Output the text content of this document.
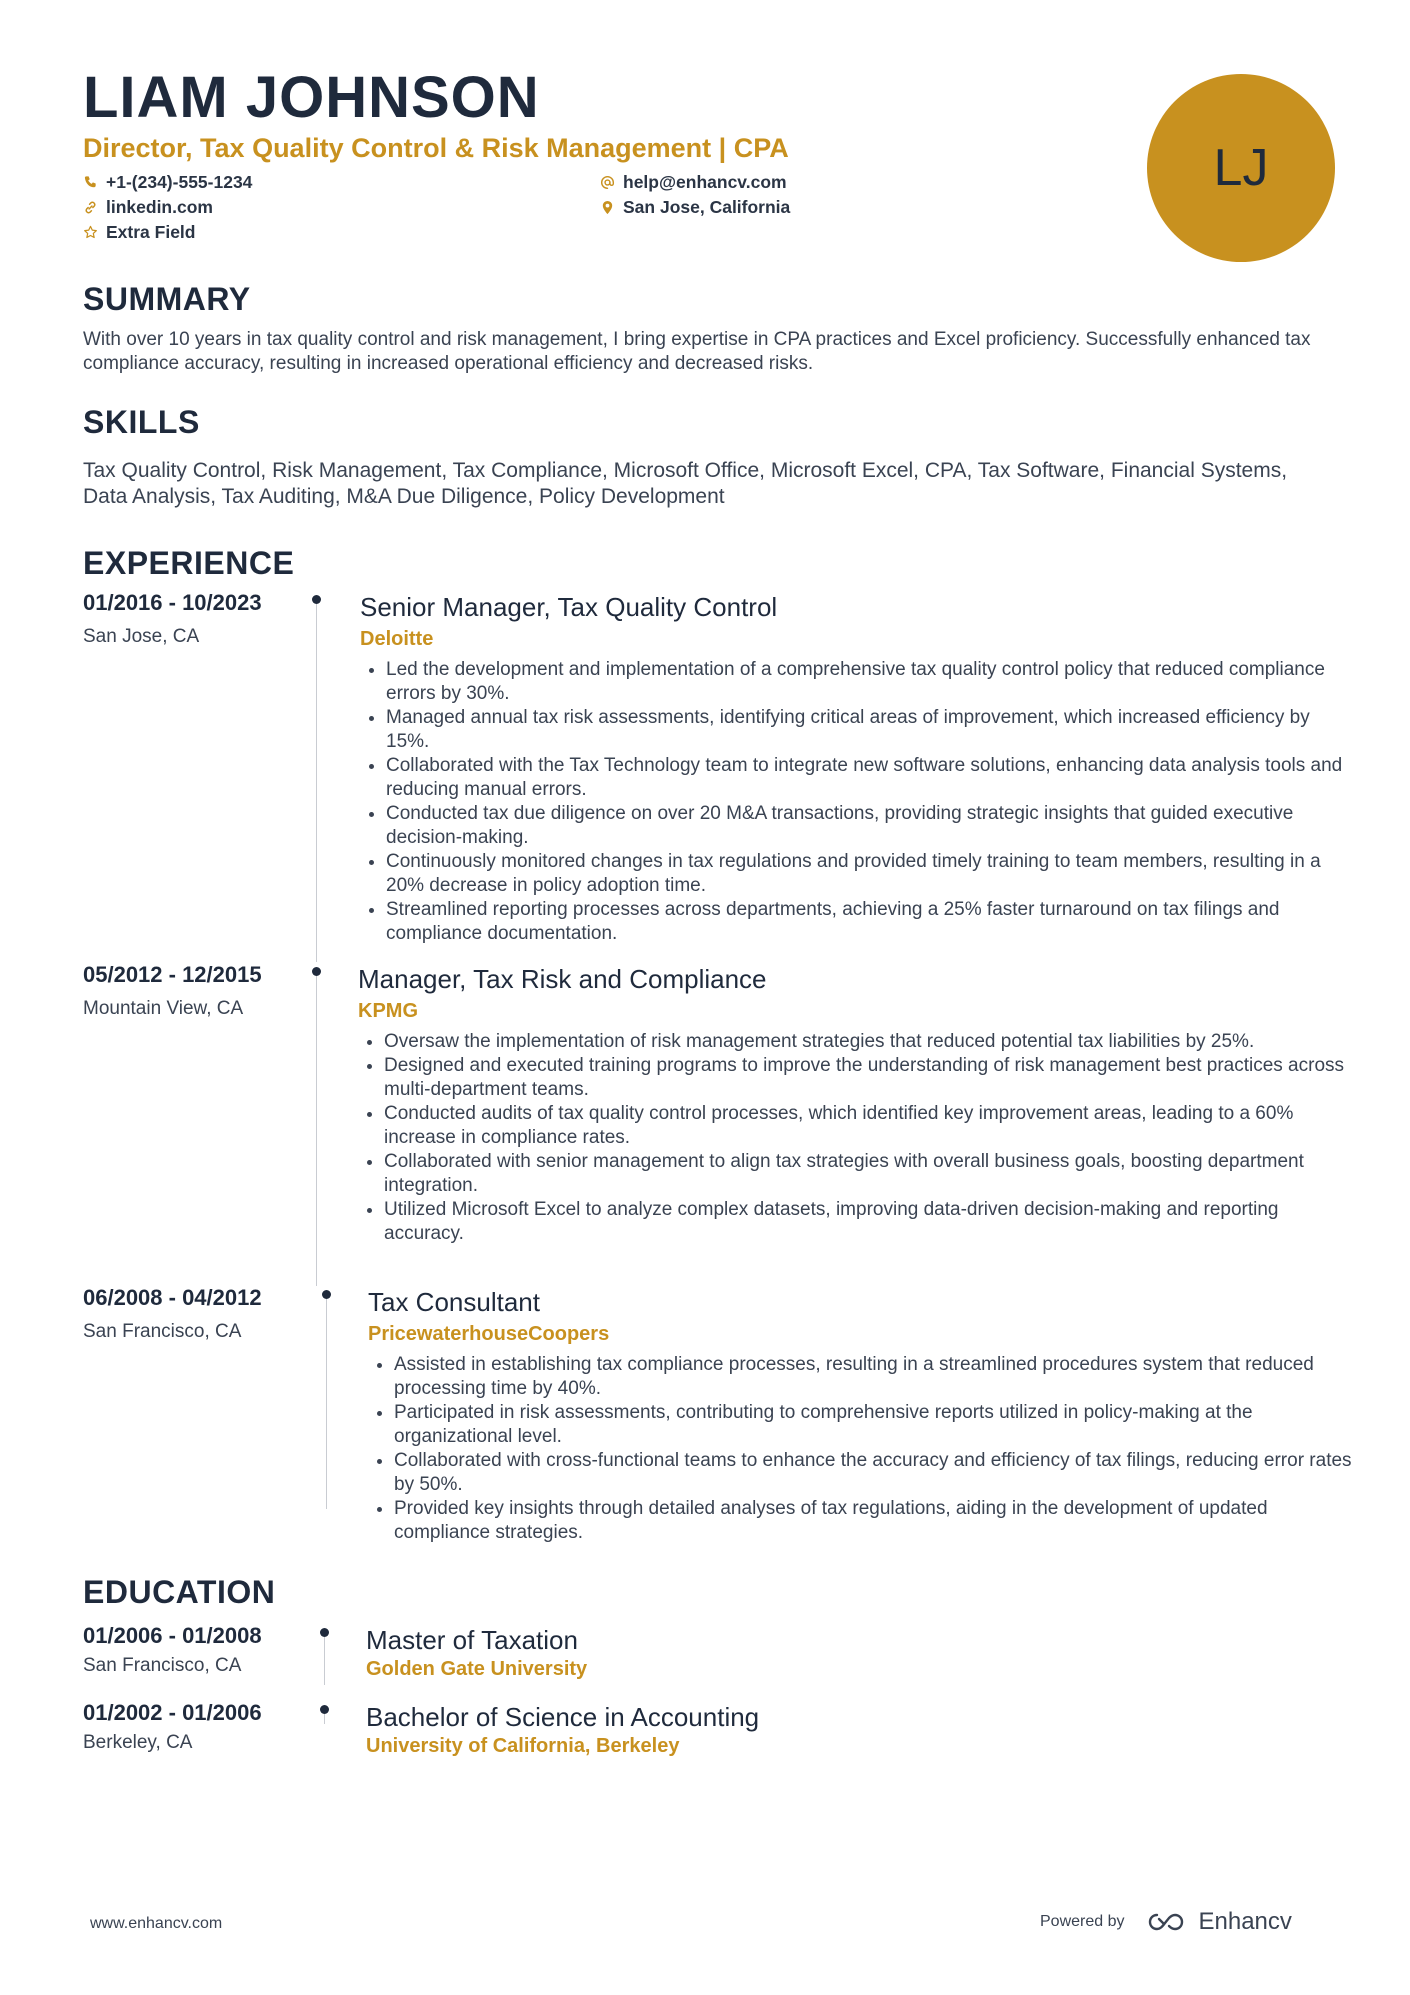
LIAM JOHNSON
Director, Tax Quality Control & Risk Management | CPA
+1-(234)-555-1234
linkedin.com
Extra Field
help@enhancv.com
San Jose, California
LJ
SUMMARY

With over 10 years in tax quality control and risk management, I bring expertise in CPA practices and Excel proficiency. Successfully enhanced tax compliance accuracy, resulting in increased operational efficiency and decreased risks.

SKILLS

Tax Quality Control, Risk Management, Tax Compliance, Microsoft Office, Microsoft Excel, CPA, Tax Software, Financial Systems, Data Analysis, Tax Auditing, M&A Due Diligence, Policy Development

EXPERIENCE
01/2016 - 10/2023
San Jose, CA
Senior Manager, Tax Quality Control
Deloitte
• Led the development and implementation of a comprehensive tax quality control policy that reduced compliance errors by 30%.
• Managed annual tax risk assessments, identifying critical areas of improvement, which increased efficiency by 15%.
• Collaborated with the Tax Technology team to integrate new software solutions, enhancing data analysis tools and reducing manual errors.
• Conducted tax due diligence on over 20 M&A transactions, providing strategic insights that guided executive decision-making.
• Continuously monitored changes in tax regulations and provided timely training to team members, resulting in a 20% decrease in policy adoption time.
• Streamlined reporting processes across departments, achieving a 25% faster turnaround on tax filings and compliance documentation.
05/2012 - 12/2015
Mountain View, CA
Manager, Tax Risk and Compliance
KPMG
• Oversaw the implementation of risk management strategies that reduced potential tax liabilities by 25%.
• Designed and executed training programs to improve the understanding of risk management best practices across multi-department teams.
• Conducted audits of tax quality control processes, which identified key improvement areas, leading to a 60% increase in compliance rates.
• Collaborated with senior management to align tax strategies with overall business goals, boosting department integration.
• Utilized Microsoft Excel to analyze complex datasets, improving data-driven decision-making and reporting accuracy.
06/2008 - 04/2012
San Francisco, CA
Tax Consultant
PricewaterhouseCoopers
• Assisted in establishing tax compliance processes, resulting in a streamlined procedures system that reduced processing time by 40%.
• Participated in risk assessments, contributing to comprehensive reports utilized in policy-making at the organizational level.
• Collaborated with cross-functional teams to enhance the accuracy and efficiency of tax filings, reducing error rates by 50%.
• Provided key insights through detailed analyses of tax regulations, aiding in the development of updated compliance strategies.
EDUCATION
01/2006 - 01/2008
San Francisco, CA
Master of Taxation
Golden Gate University
01/2002 - 01/2006
Berkeley, CA
Bachelor of Science in Accounting
University of California, Berkeley
www.enhancv.com	Powered by	Enhancv
